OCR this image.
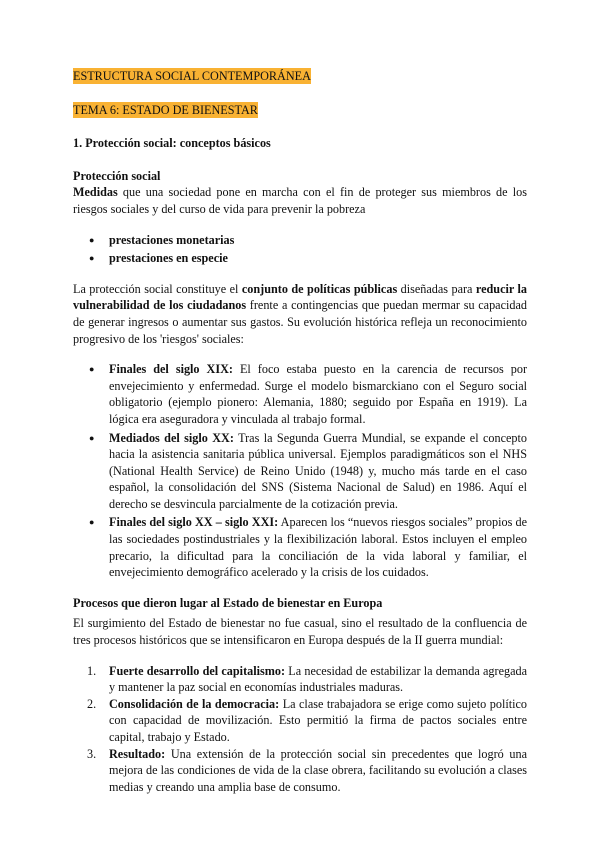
ESTRUCTURA SOCIAL CONTEMPORÁNEA
TEMA 6: ESTADO DE BIENESTAR
1. Protección social: conceptos básicos
Protección social

Medidas que una sociedad pone en marcha con el fin de proteger sus miembros de los riesgos sociales y del curso de vida para prevenir la pobreza

● prestaciones monetarias
● prestaciones en especie

La protección social constituye el conjunto de políticas públicas diseñadas para reducir la vulnerabilidad de los ciudadanos frente a contingencias que puedan mermar su capacidad de generar ingresos o aumentar sus gastos. Su evolución histórica refleja un reconocimiento progresivo de los 'riesgos' sociales:

● Finales del siglo XIX: El foco estaba puesto en la carencia de recursos por envejecimiento y enfermedad. Surge el modelo bismarckiano con el Seguro social obligatorio (ejemplo pionero: Alemania, 1880; seguido por España en 1919). La lógica era aseguradora y vinculada al trabajo formal.
● Mediados del siglo XX: Tras la Segunda Guerra Mundial, se expande el concepto hacia la asistencia sanitaria pública universal. Ejemplos paradigmáticos son el NHS (National Health Service) de Reino Unido (1948) y, mucho más tarde en el caso español, la consolidación del SNS (Sistema Nacional de Salud) en 1986. Aquí el derecho se desvincula parcialmente de la cotización previa.
● Finales del siglo XX – siglo XXI: Aparecen los “nuevos riesgos sociales” propios de las sociedades postindustriales y la flexibilización laboral. Estos incluyen el empleo precario, la dificultad para la conciliación de la vida laboral y familiar, el envejecimiento demográfico acelerado y la crisis de los cuidados.
Procesos que dieron lugar al Estado de bienestar en Europa

El surgimiento del Estado de bienestar no fue casual, sino el resultado de la confluencia de tres procesos históricos que se intensificaron en Europa después de la II guerra mundial:

1. Fuerte desarrollo del capitalismo: La necesidad de estabilizar la demanda agregada y mantener la paz social en economías industriales maduras.
2. Consolidación de la democracia: La clase trabajadora se erige como sujeto político con capacidad de movilización. Esto permitió la firma de pactos sociales entre capital, trabajo y Estado.
3. Resultado: Una extensión de la protección social sin precedentes que logró una mejora de las condiciones de vida de la clase obrera, facilitando su evolución a clases medias y creando una amplia base de consumo.
